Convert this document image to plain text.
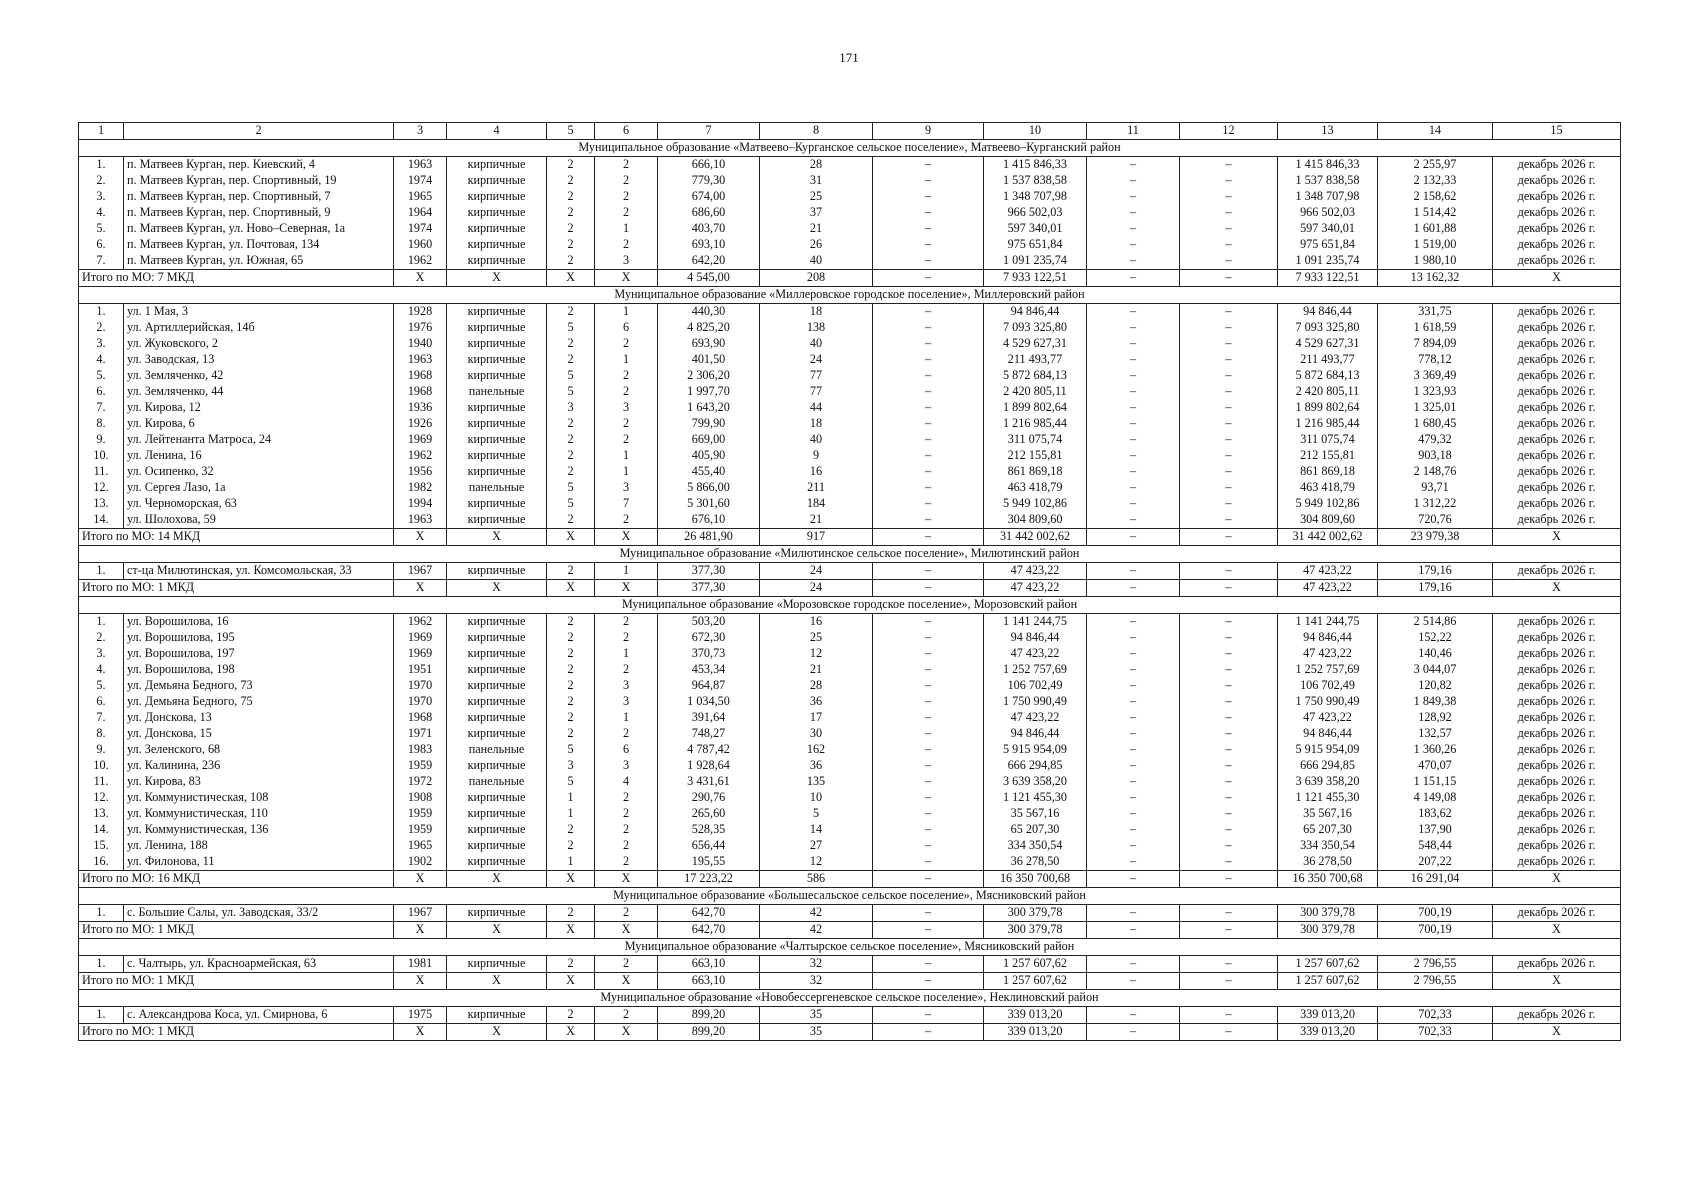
171
1	2	3	4	5	6	7	8	9	10	11	12	13	14	15
Муниципальное образование «Матвеево–Курганское сельское поселение», Матвеево–Курганский район														
1.	п. Матвеев Курган, пер. Киевский, 4	1963	кирпичные	2	2	666,10	28	–	1 415 846,33	–	–	1 415 846,33	2 255,97	декабрь 2026 г.
2.	п. Матвеев Курган, пер. Спортивный, 19	1974	кирпичные	2	2	779,30	31	–	1 537 838,58	–	–	1 537 838,58	2 132,33	декабрь 2026 г.
3.	п. Матвеев Курган, пер. Спортивный, 7	1965	кирпичные	2	2	674,00	25	–	1 348 707,98	–	–	1 348 707,98	2 158,62	декабрь 2026 г.
4.	п. Матвеев Курган, пер. Спортивный, 9	1964	кирпичные	2	2	686,60	37	–	966 502,03	–	–	966 502,03	1 514,42	декабрь 2026 г.
5.	п. Матвеев Курган, ул. Ново–Северная, 1а	1974	кирпичные	2	1	403,70	21	–	597 340,01	–	–	597 340,01	1 601,88	декабрь 2026 г.
6.	п. Матвеев Курган, ул. Почтовая, 134	1960	кирпичные	2	2	693,10	26	–	975 651,84	–	–	975 651,84	1 519,00	декабрь 2026 г.
7.	п. Матвеев Курган, ул. Южная, 65	1962	кирпичные	2	3	642,20	40	–	1 091 235,74	–	–	1 091 235,74	1 980,10	декабрь 2026 г.
Итого по МО: 7 МКД		X	X	X	X	4 545,00	208	–	7 933 122,51	–	–	7 933 122,51	13 162,32	X
Муниципальное образование «Миллеровское городское поселение», Миллеровский район														
1.	ул. 1 Мая, 3	1928	кирпичные	2	1	440,30	18	–	94 846,44	–	–	94 846,44	331,75	декабрь 2026 г.
2.	ул. Артиллерийская, 14б	1976	кирпичные	5	6	4 825,20	138	–	7 093 325,80	–	–	7 093 325,80	1 618,59	декабрь 2026 г.
3.	ул. Жуковского, 2	1940	кирпичные	2	2	693,90	40	–	4 529 627,31	–	–	4 529 627,31	7 894,09	декабрь 2026 г.
4.	ул. Заводская, 13	1963	кирпичные	2	1	401,50	24	–	211 493,77	–	–	211 493,77	778,12	декабрь 2026 г.
5.	ул. Земляченко, 42	1968	кирпичные	5	2	2 306,20	77	–	5 872 684,13	–	–	5 872 684,13	3 369,49	декабрь 2026 г.
6.	ул. Земляченко, 44	1968	панельные	5	2	1 997,70	77	–	2 420 805,11	–	–	2 420 805,11	1 323,93	декабрь 2026 г.
7.	ул. Кирова, 12	1936	кирпичные	3	3	1 643,20	44	–	1 899 802,64	–	–	1 899 802,64	1 325,01	декабрь 2026 г.
8.	ул. Кирова, 6	1926	кирпичные	2	2	799,90	18	–	1 216 985,44	–	–	1 216 985,44	1 680,45	декабрь 2026 г.
9.	ул. Лейтенанта Матроса, 24	1969	кирпичные	2	2	669,00	40	–	311 075,74	–	–	311 075,74	479,32	декабрь 2026 г.
10.	ул. Ленина, 16	1962	кирпичные	2	1	405,90	9	–	212 155,81	–	–	212 155,81	903,18	декабрь 2026 г.
11.	ул. Осипенко, 32	1956	кирпичные	2	1	455,40	16	–	861 869,18	–	–	861 869,18	2 148,76	декабрь 2026 г.
12.	ул. Сергея Лазо, 1а	1982	панельные	5	3	5 866,00	211	–	463 418,79	–	–	463 418,79	93,71	декабрь 2026 г.
13.	ул. Черноморская, 63	1994	кирпичные	5	7	5 301,60	184	–	5 949 102,86	–	–	5 949 102,86	1 312,22	декабрь 2026 г.
14.	ул. Шолохова, 59	1963	кирпичные	2	2	676,10	21	–	304 809,60	–	–	304 809,60	720,76	декабрь 2026 г.
Итого по МО: 14 МКД		X	X	X	X	26 481,90	917	–	31 442 002,62	–	–	31 442 002,62	23 979,38	X
Муниципальное образование «Милютинское сельское поселение», Милютинский район														
1.	ст-ца Милютинская, ул. Комсомольская, 33	1967	кирпичные	2	1	377,30	24	–	47 423,22	–	–	47 423,22	179,16	декабрь 2026 г.
Итого по МО: 1 МКД		X	X	X	X	377,30	24	–	47 423,22	–	–	47 423,22	179,16	X
Муниципальное образование «Морозовское городское поселение», Морозовский район														
1.	ул. Ворошилова, 16	1962	кирпичные	2	2	503,20	16	–	1 141 244,75	–	–	1 141 244,75	2 514,86	декабрь 2026 г.
2.	ул. Ворошилова, 195	1969	кирпичные	2	2	672,30	25	–	94 846,44	–	–	94 846,44	152,22	декабрь 2026 г.
3.	ул. Ворошилова, 197	1969	кирпичные	2	1	370,73	12	–	47 423,22	–	–	47 423,22	140,46	декабрь 2026 г.
4.	ул. Ворошилова, 198	1951	кирпичные	2	2	453,34	21	–	1 252 757,69	–	–	1 252 757,69	3 044,07	декабрь 2026 г.
5.	ул. Демьяна Бедного, 73	1970	кирпичные	2	3	964,87	28	–	106 702,49	–	–	106 702,49	120,82	декабрь 2026 г.
6.	ул. Демьяна Бедного, 75	1970	кирпичные	2	3	1 034,50	36	–	1 750 990,49	–	–	1 750 990,49	1 849,38	декабрь 2026 г.
7.	ул. Донскова, 13	1968	кирпичные	2	1	391,64	17	–	47 423,22	–	–	47 423,22	128,92	декабрь 2026 г.
8.	ул. Донскова, 15	1971	кирпичные	2	2	748,27	30	–	94 846,44	–	–	94 846,44	132,57	декабрь 2026 г.
9.	ул. Зеленского, 68	1983	панельные	5	6	4 787,42	162	–	5 915 954,09	–	–	5 915 954,09	1 360,26	декабрь 2026 г.
10.	ул. Калинина, 236	1959	кирпичные	3	3	1 928,64	36	–	666 294,85	–	–	666 294,85	470,07	декабрь 2026 г.
11.	ул. Кирова, 83	1972	панельные	5	4	3 431,61	135	–	3 639 358,20	–	–	3 639 358,20	1 151,15	декабрь 2026 г.
12.	ул. Коммунистическая, 108	1908	кирпичные	1	2	290,76	10	–	1 121 455,30	–	–	1 121 455,30	4 149,08	декабрь 2026 г.
13.	ул. Коммунистическая, 110	1959	кирпичные	1	2	265,60	5	–	35 567,16	–	–	35 567,16	183,62	декабрь 2026 г.
14.	ул. Коммунистическая, 136	1959	кирпичные	2	2	528,35	14	–	65 207,30	–	–	65 207,30	137,90	декабрь 2026 г.
15.	ул. Ленина, 188	1965	кирпичные	2	2	656,44	27	–	334 350,54	–	–	334 350,54	548,44	декабрь 2026 г.
16.	ул. Филонова, 11	1902	кирпичные	1	2	195,55	12	–	36 278,50	–	–	36 278,50	207,22	декабрь 2026 г.
Итого по МО: 16 МКД		X	X	X	X	17 223,22	586	–	16 350 700,68	–	–	16 350 700,68	16 291,04	X
Муниципальное образование «Большесальское сельское поселение», Мясниковский район														
1.	с. Большие Салы, ул. Заводская, 33/2	1967	кирпичные	2	2	642,70	42	–	300 379,78	–	–	300 379,78	700,19	декабрь 2026 г.
Итого по МО: 1 МКД		X	X	X	X	642,70	42	–	300 379,78	–	–	300 379,78	700,19	X
Муниципальное образование «Чалтырское сельское поселение», Мясниковский район														
1.	с. Чалтырь, ул. Красноармейская, 63	1981	кирпичные	2	2	663,10	32	–	1 257 607,62	–	–	1 257 607,62	2 796,55	декабрь 2026 г.
Итого по МО: 1 МКД		X	X	X	X	663,10	32	–	1 257 607,62	–	–	1 257 607,62	2 796,55	X
Муниципальное образование «Новобессергеневское сельское поселение», Неклиновский район														
1.	с. Александрова Коса, ул. Смирнова, 6	1975	кирпичные	2	2	899,20	35	–	339 013,20	–	–	339 013,20	702,33	декабрь 2026 г.
Итого по МО: 1 МКД		X	X	X	X	899,20	35	–	339 013,20	–	–	339 013,20	702,33	X
